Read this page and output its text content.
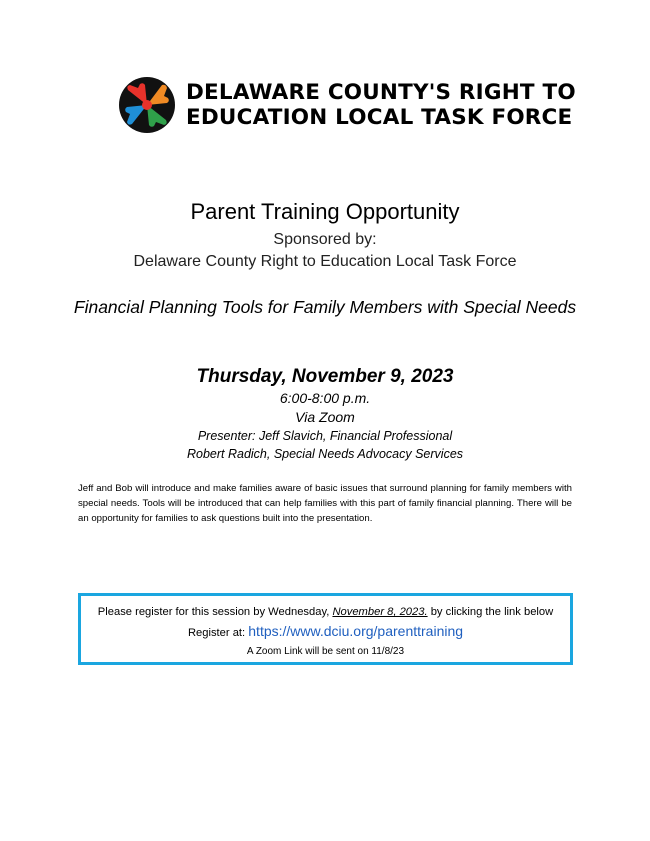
DELAWARE COUNTY'S RIGHT TO
EDUCATION LOCAL TASK FORCE
Parent Training Opportunity
Sponsored by:
Delaware County Right to Education Local Task Force
Financial Planning Tools for Family Members with Special Needs
Thursday, November 9, 2023
6:00-8:00 p.m.
Via Zoom
Presenter: Jeff Slavich, Financial Professional
Robert Radich, Special Needs Advocacy Services
Jeff and Bob will introduce and make families aware of basic issues that surround planning for family members with special needs. Tools will be introduced that can help families with this part of family financial planning. There will be an opportunity for families to ask questions built into the presentation.
Please register for this session by Wednesday, November 8, 2023. by clicking the link below
Register at: https://www.dciu.org/parenttraining
A Zoom Link will be sent on 11/8/23
